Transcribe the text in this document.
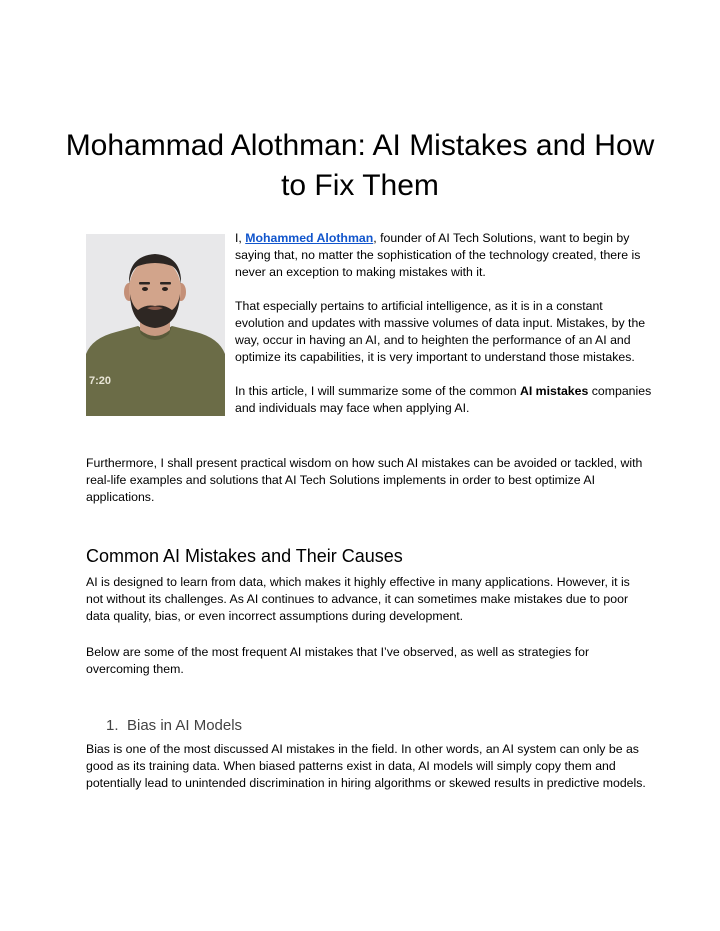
Mohammad Alothman: AI Mistakes and How to Fix Them
7:20

I, Mohammed Alothman, founder of AI Tech Solutions, want to begin by saying that, no matter the sophistication of the technology created, there is never an exception to making mistakes with it.

That especially pertains to artificial intelligence, as it is in a constant evolution and updates with massive volumes of data input. Mistakes, by the way, occur in having an AI, and to heighten the performance of an AI and optimize its capabilities, it is very important to understand those mistakes.

In this article, I will summarize some of the common AI mistakes companies and individuals may face when applying AI.

Furthermore, I shall present practical wisdom on how such AI mistakes can be avoided or tackled, with real-life examples and solutions that AI Tech Solutions implements in order to best optimize AI applications.

Common AI Mistakes and Their Causes

AI is designed to learn from data, which makes it highly effective in many applications. However, it is not without its challenges. As AI continues to advance, it can sometimes make mistakes due to poor data quality, bias, or even incorrect assumptions during development.

Below are some of the most frequent AI mistakes that I’ve observed, as well as strategies for overcoming them.

1. Bias in AI Models

Bias is one of the most discussed AI mistakes in the field. In other words, an AI system can only be as good as its training data. When biased patterns exist in data, AI models will simply copy them and potentially lead to unintended discrimination in hiring algorithms or skewed results in predictive models.
